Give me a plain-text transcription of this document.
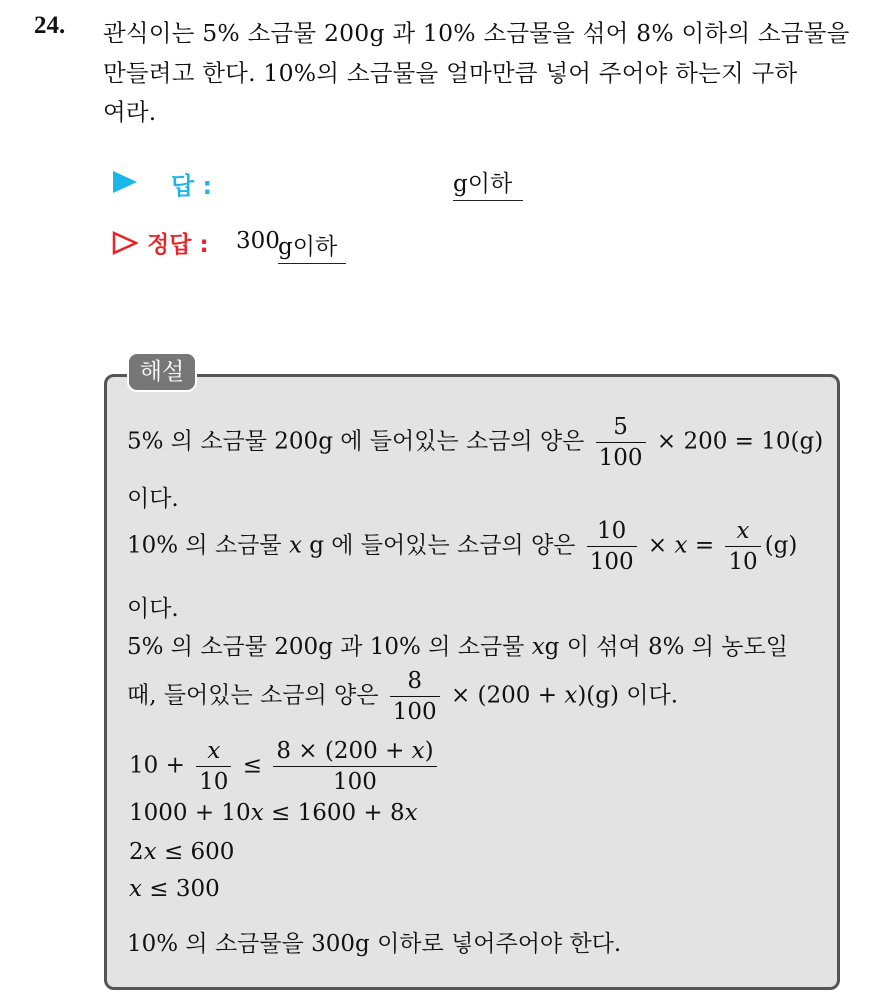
24. 관식이는 5% 소금물 200g 과 10% 소금물을 섞어 8% 이하의 소금물을
만들려고 한다. 10%의 소금물을 얼마만큼 넣어 주어야 하는지 구하
여라.
답 :	g이하
정답 : 300
g이하
해설
5% 의 소금물 200g 에 들어있는 소금의 양은 $\frac{5}{100} \times 200 = 10(g)$
이다.
10% 의 소금물 x g 에 들어있는 소금의 양은 $\frac{10}{100} \times x = \frac{x}{10} (g)$
이다.
5% 의 소금물 200g 과 10% 의 소금물 xg 이 섞여 8% 의 농도일
때, 들어있는 소금의 양은 $\frac{8}{100} \times (200 + x)(g)$ 이다.
$10 + \frac{x}{10} \le \frac{8 \times (200 + x)}{100}$
1000 + 10x ≤ 1600 + 8x
2x ≤ 600
x ≤ 300
10% 의 소금물을 300g 이하로 넣어주어야 한다.
